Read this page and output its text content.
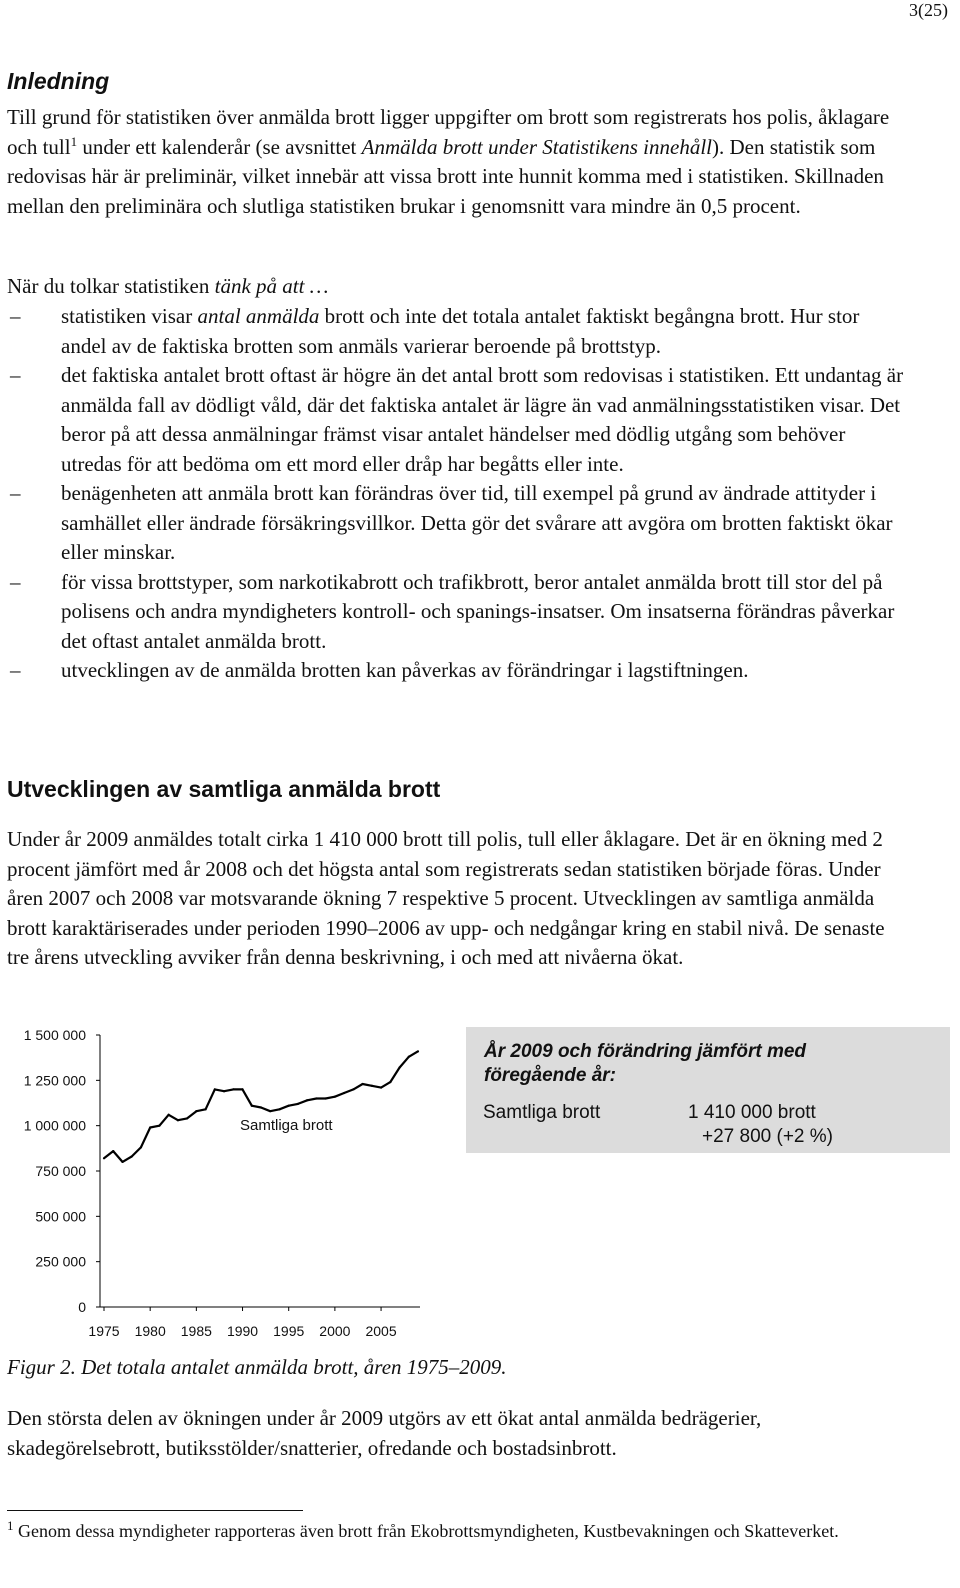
3(25)
Inledning

Till grund för statistiken över anmälda brott ligger uppgifter om brott som registrerats hos polis, åklagare och tull$^1$ under ett kalenderår (se avsnittet Anmälda brott under Statistikens innehåll). Den statistik som redovisas här är preliminär, vilket innebär att vissa brott inte hunnit komma med i statistiken. Skillnaden mellan den preliminära och slutliga statistiken brukar i genomsnitt vara mindre än 0,5 procent.

När du tolkar statistiken tänk på att …

– statistiken visar antal anmälda brott och inte det totala antalet faktiskt begångna brott. Hur stor andel av de faktiska brotten som anmäls varierar beroende på brottstyp.
– det faktiska antalet brott oftast är högre än det antal brott som redovisas i statistiken. Ett undantag är anmälda fall av dödligt våld, där det faktiska antalet är lägre än vad anmälningsstatistiken visar. Det beror på att dessa anmälningar främst visar antalet händelser med dödlig utgång som behöver utredas för att bedöma om ett mord eller dråp har begåtts eller inte.
– benägenheten att anmäla brott kan förändras över tid, till exempel på grund av ändrade attityder i samhället eller ändrade försäkringsvillkor. Detta gör det svårare att avgöra om brotten faktiskt ökar eller minskar.
– för vissa brottstyper, som narkotikabrott och trafikbrott, beror antalet anmälda brott till stor del på polisens och andra myndigheters kontroll- och spanings-insatser. Om insatserna förändras påverkar det oftast antalet anmälda brott.
– utvecklingen av de anmälda brotten kan påverkas av förändringar i lagstiftningen.
Utvecklingen av samtliga anmälda brott

Under år 2009 anmäldes totalt cirka 1 410 000 brott till polis, tull eller åklagare. Det är en ökning med 2 procent jämfört med år 2008 och det högsta antal som registrerats sedan statistiken började föras. Under åren 2007 och 2008 var motsvarande ökning 7 respektive 5 procent. Utvecklingen av samtliga anmälda brott karaktäriserades under perioden 1990–2006 av upp- och nedgångar kring en stabil nivå. De senaste tre årens utveckling avviker från denna beskrivning, i och med att nivåerna ökat.

1 500 000
1 250 000
1 000 000
750 000
500 000
250 000
0
1975 1980 1985 1990 1995 2000 2005
Samtliga brott
År 2009 och förändring jämfört med föregående år:
Samtliga brott	1 410 000 brott
+27 800 (+2 %)
Figur 2. Det totala antalet anmälda brott, åren 1975–2009.

Den största delen av ökningen under år 2009 utgörs av ett ökat antal anmälda bedrägerier, skadegörelsebrott, butiksstölder/snatterier, ofredande och bostadsinbrott.

$^1$ Genom dessa myndigheter rapporteras även brott från Ekobrottsmyndigheten, Kustbevakningen och Skatteverket.
